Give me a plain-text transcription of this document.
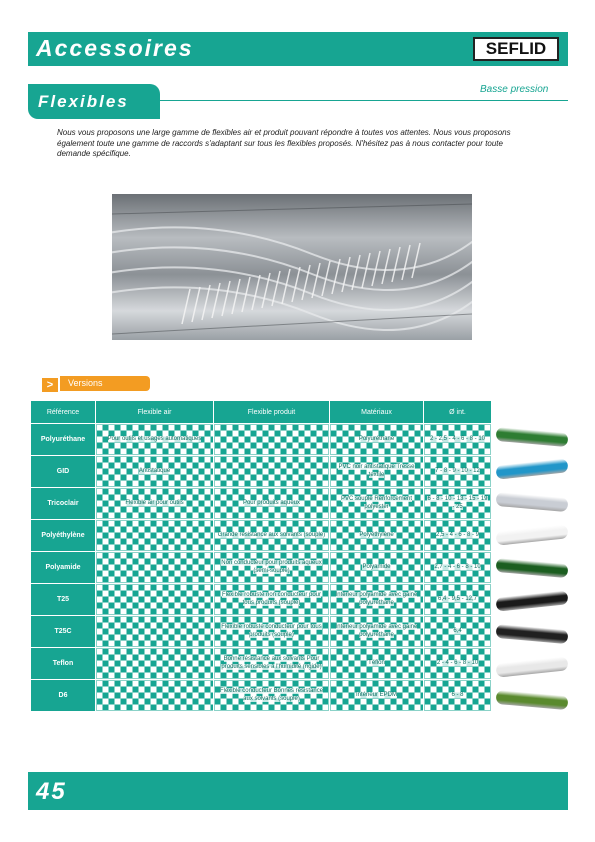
Accessoires	SEFLID
Flexibles
Basse pression

Nous vous proposons une large gamme de flexibles air et produit pouvant répondre à toutes vos attentes. Nous vous proposons également toute une gamme de raccords s'adaptant sur tous les flexibles proposés. N'hésitez pas à nous contacter pour toute demande spécifique.

>	Versions
Référence	Flexible air	Flexible produit	Matériaux	Ø int.
Polyuréthane	Pour outils et usages automatiques		Polyuréthane	2 - 2,5 - 4 - 6 - 8 - 10
GID	Antistatique		PVC noir antistatique Tresse textile	7 - 8 - 9 - 10 - 12
Tricoclair	Flexible air pour outils	Pour produits aqueux	PVC souple Renforcement polyester	6 - 8 - 10 - 13 - 15 - 19 - 25
Polyéthylène		Grande résistance aux solvants (souple)	Polyéthylène	2,5 - 4 - 6 - 8 - 9
Polyamide		Non conducteur pour produits aqueux (semi-souple)	Polyamide	2,7 - 4 - 6 - 8 - 10
T25		Flexible robuste non conducteur pour tous produits (souple)	Intérieur polyamide avec gaine polyuréthane	6,4 - 9,5 - 12,7
T25C		Flexible robuste conducteur pour tous produits (souple)	Intérieur polyamide avec gaine polyuréthane	6,4
Teflon		Bonne résistance aux solvants Pour produits sensibles à l'humidité (rigide)	Téflon	2 - 4 - 6 - 8 - 10
D6		Flexible conducteur Bonnes résistance aux solvants (souple)	Intérieur EPDM	6 - 8
45
